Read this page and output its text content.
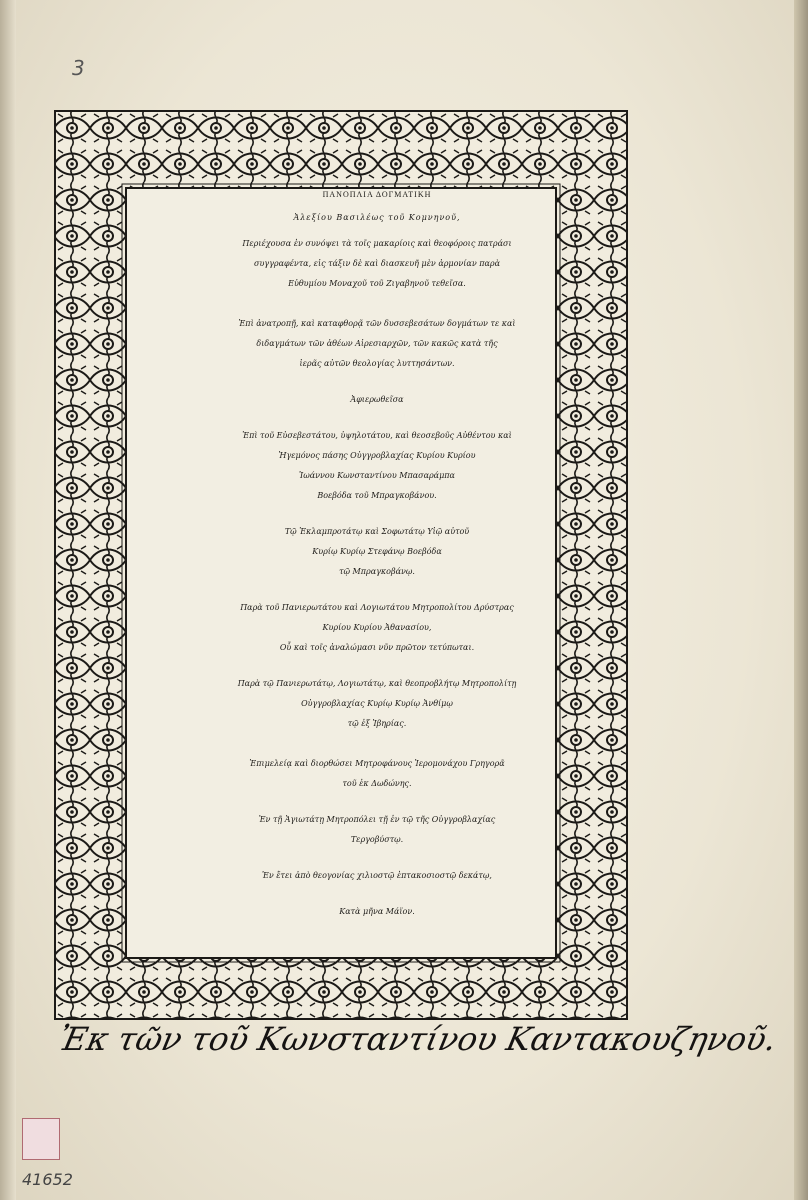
3
ΠΑΝΟΠΛΙΑ ΔΟΓΜΑΤΙΚΗ
Ἀλεξίου Βασιλέως τοῦ Κομνηνοῦ,
Περιέχουσα ἐν συνόψει τὰ τοῖς μακαρίοις καὶ θεοφόροις πατράσι
συγγραφέντα, εἰς τάξιν δὲ καὶ διασκευῆ μὲν ἁρμονίαν παρὰ
Εὐθυμίου Μοναχοῦ τοῦ Ζιγαβηνοῦ τεθεῖσα.
Ἐπὶ ἀνατροπῇ, καὶ καταφθορᾷ τῶν δυσσεβεσάτων δογμάτων τε καὶ
διδαγμάτων τῶν ἀθέων Αἱρεσιαρχῶν, τῶν κακῶς κατὰ τῆς
ἱερᾶς αὐτῶν θεολογίας λυττησάντων.
Ἀφιερωθεῖσα
Ἐπὶ τοῦ Εὐσεβεστάτου, ὑψηλοτάτου, καὶ θεοσεβοῦς Αὐθέντου καὶ
Ἡγεμόνος πάσης Οὐγγροβλαχίας Κυρίου Κυρίου
Ἰωάννου Κωνσταντίνου Μπασαράμπα
Βοεβόδα τοῦ Μπραγκοβάνου.
Τῷ Ἐκλαμπροτάτῳ καὶ Σοφωτάτῳ Υἱῷ αὐτοῦ
Κυρίῳ Κυρίῳ Στεφάνῳ Βοεβόδα
τῷ Μπραγκοβάνῳ.
Παρὰ τοῦ Πανιερωτάτου καὶ Λογιωτάτου Μητροπολίτου Δρύστρας
Κυρίου Κυρίου Ἀθανασίου,
Οὗ καὶ τοῖς ἀναλώμασι νῦν πρῶτον τετύπωται.
Παρὰ τῷ Πανιερωτάτῳ, Λογιωτάτῳ, καὶ θεοπροβλήτῳ Μητροπολίτῃ
Οὐγγροβλαχίας Κυρίῳ Κυρίῳ Ἀνθίμῳ
τῷ ἐξ Ἰβηρίας.
Ἐπιμελείᾳ καὶ διορθώσει Μητροφάνους Ἱερομονάχου Γρηγορᾶ
τοῦ ἐκ Δωδώνης.
Ἐν τῇ Ἁγιωτάτῃ Μητροπόλει τῇ ἐν τῷ τῆς Οὐγγροβλαχίας
Τεργοβύστῳ.
Ἐν ἔτει ἀπὸ θεογονίας χιλιοστῷ ἑπτακοσιοστῷ δεκάτῳ,
Κατὰ μῆνα Μάϊον.
Ἐκ τῶν τοῦ Κωνσταντίνου Καντακουζηνοῦ.
41652
